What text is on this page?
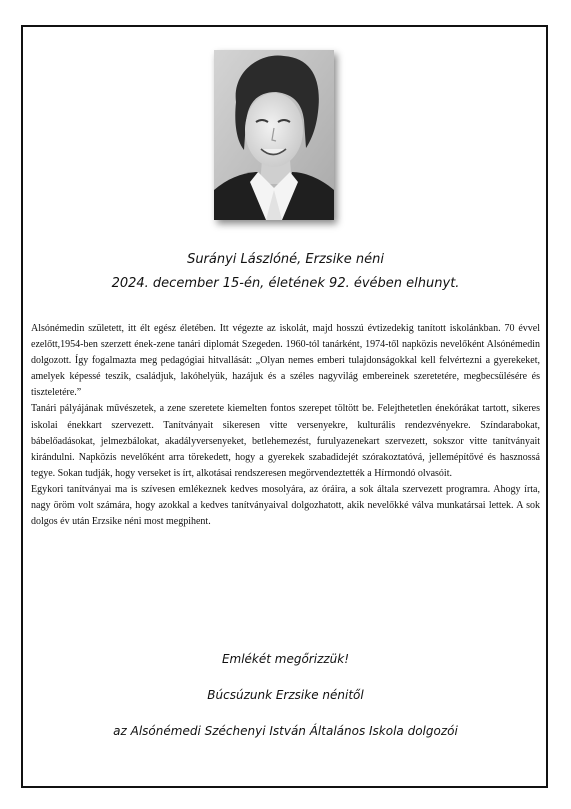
Surányi Lászlóné, Erzsike néni
2024. december 15-én, életének 92. évében elhunyt.

Alsónémedin született, itt élt egész életében. Itt végezte az iskolát, majd hosszú évtizedekig tanított iskolánkban. 70 évvel ezelőtt,1954-ben szerzett ének-zene tanári diplomát Szegeden. 1960-tól tanárként, 1974-től napközis nevelőként Alsónémedin dolgozott. Így fogalmazta meg pedagógiai hitvallását: „Olyan nemes emberi tulajdonságokkal kell felvértezni a gyerekeket, amelyek képessé teszik, családjuk, lakóhelyük, hazájuk és a széles nagyvilág embereinek szeretetére, megbecsülésére és tiszteletére.”

Tanári pályájának művészetek, a zene szeretete kiemelten fontos szerepet töltött be. Felejthetetlen énekórákat tartott, sikeres iskolai énekkart szervezett. Tanítványait sikeresen vitte versenyekre, kulturális rendezvényekre. Színdarabokat, bábelőadásokat, jelmezbálokat, akadályversenyeket, betlehemezést, furulyazenekart szervezett, sokszor vitte tanítványait kirándulni. Napközis nevelőként arra törekedett, hogy a gyerekek szabadidejét szórakoztatóvá, jellemépítővé és hasznossá tegye. Sokan tudják, hogy verseket is írt, alkotásai rendszeresen megörvendeztették a Hírmondó olvasóit.

Egykori tanítványai ma is szívesen emlékeznek kedves mosolyára, az óráira, a sok általa szervezett programra. Ahogy írta, nagy öröm volt számára, hogy azokkal a kedves tanítványaival dolgozhatott, akik nevelőkké válva munkatársai lettek. A sok dolgos év után Erzsike néni most megpihent.

Emlékét megőrizzük!
Búcsúzunk Erzsike nénitől
az Alsónémedi Széchenyi István Általános Iskola dolgozói
